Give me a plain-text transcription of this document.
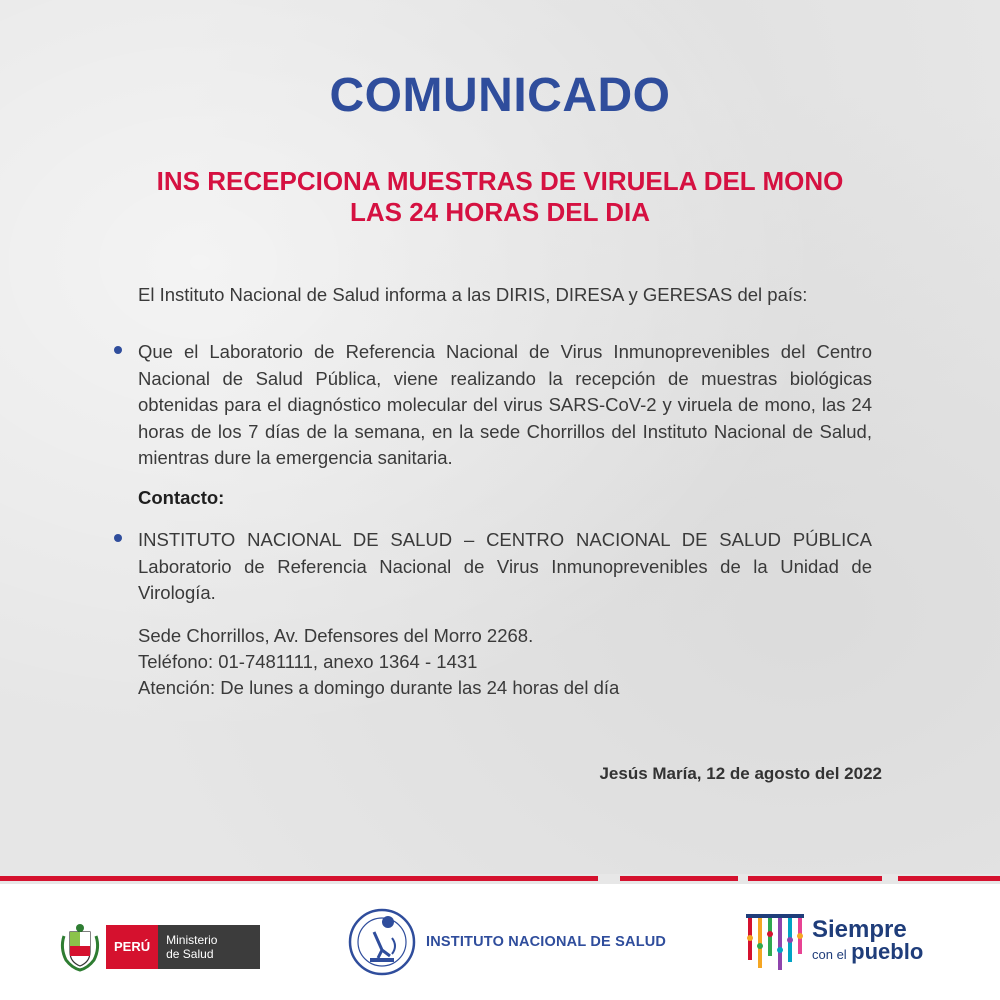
COMUNICADO
INS RECEPCIONA MUESTRAS DE VIRUELA DEL MONO
LAS 24 HORAS DEL DIA
El Instituto Nacional de Salud informa a las DIRIS, DIRESA y GERESAS del país:
Que el Laboratorio de Referencia Nacional de Virus Inmunoprevenibles del Centro Nacional de Salud Pública, viene realizando la recepción de muestras biológicas obtenidas para el diagnóstico molecular del virus SARS-CoV-2 y viruela de mono, las 24 horas de los 7 días de la semana, en la sede Chorrillos del Instituto Nacional de Salud, mientras dure la emergencia sanitaria.
Contacto:
INSTITUTO NACIONAL DE SALUD – CENTRO NACIONAL DE SALUD PÚBLICA Laboratorio de Referencia Nacional de Virus Inmunoprevenibles de la Unidad de Virología.
Sede Chorrillos, Av. Defensores del Morro 2268.
Teléfono: 01-7481111, anexo 1364 - 1431
Atención: De lunes a domingo durante las 24 horas del día
Jesús María, 12 de agosto del 2022
PERÚ	Ministerio
de Salud
INSTITUTO NACIONAL DE SALUD	Siempre
con el pueblo
